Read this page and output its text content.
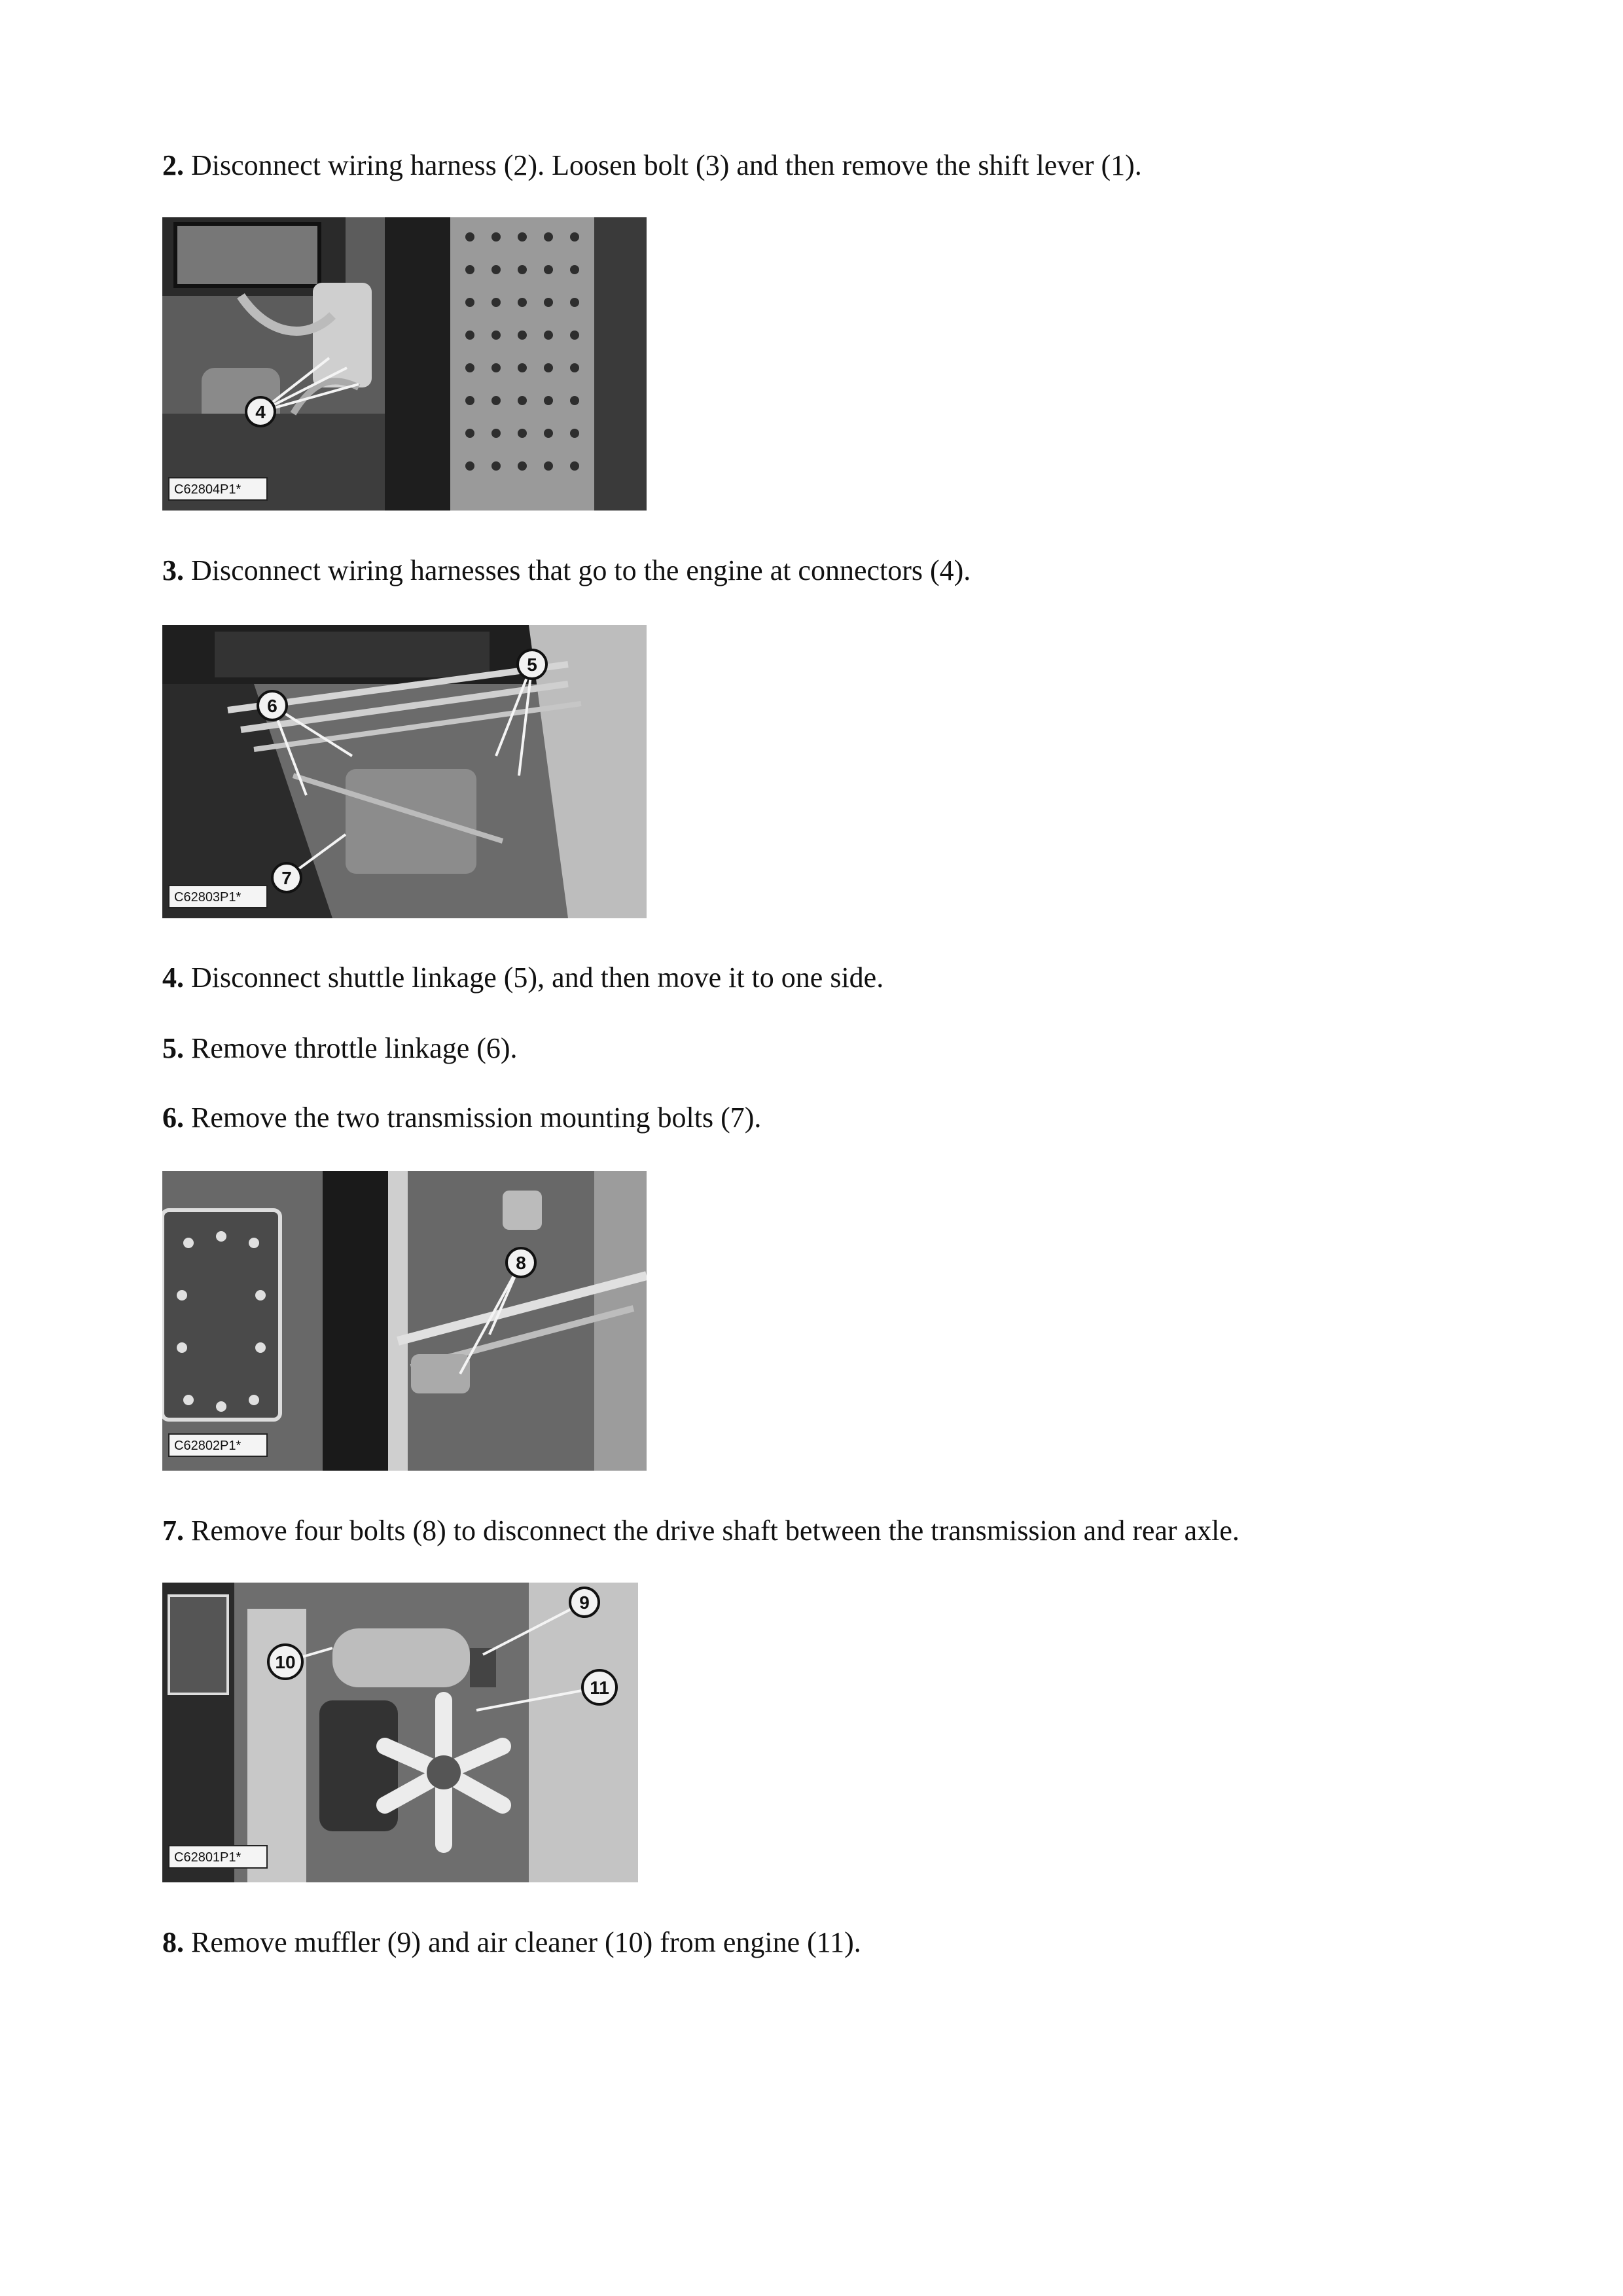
2. Disconnect wiring harness (2). Loosen bolt (3) and then remove the shift lever (1).
4
C62804P1*
3. Disconnect wiring harnesses that go to the engine at connectors (4).
5
6
7
C62803P1*
4. Disconnect shuttle linkage (5), and then move it to one side.
5. Remove throttle linkage (6).
6. Remove the two transmission mounting bolts (7).
8
C62802P1*
7. Remove four bolts (8) to disconnect the drive shaft between the transmission and rear axle.
9
10
11
C62801P1*
8. Remove muffler (9) and air cleaner (10) from engine (11).
